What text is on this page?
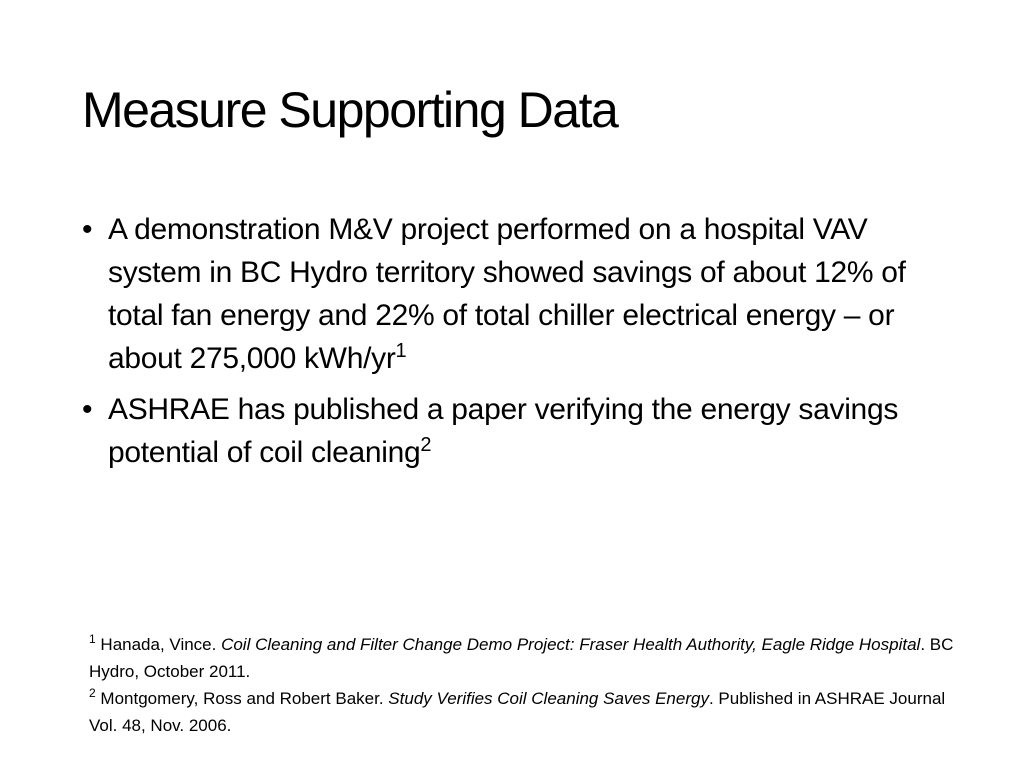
Measure Supporting Data
• A demonstration M&V project performed on a hospital VAV system in BC Hydro territory showed savings of about 12% of total fan energy and 22% of total chiller electrical energy – or about 275,000 kWh/$yr^1$
• ASHRAE has published a paper verifying the energy savings potential of coil cleaning$^2$

$^1$ Hanada, Vince. Coil Cleaning and Filter Change Demo Project: Fraser Health Authority, Eagle Ridge Hospital. BC Hydro, October 2011.

$^2$ Montgomery, Ross and Robert Baker. Study Verifies Coil Cleaning Saves Energy. Published in ASHRAE Journal Vol. 48, Nov. 2006.
